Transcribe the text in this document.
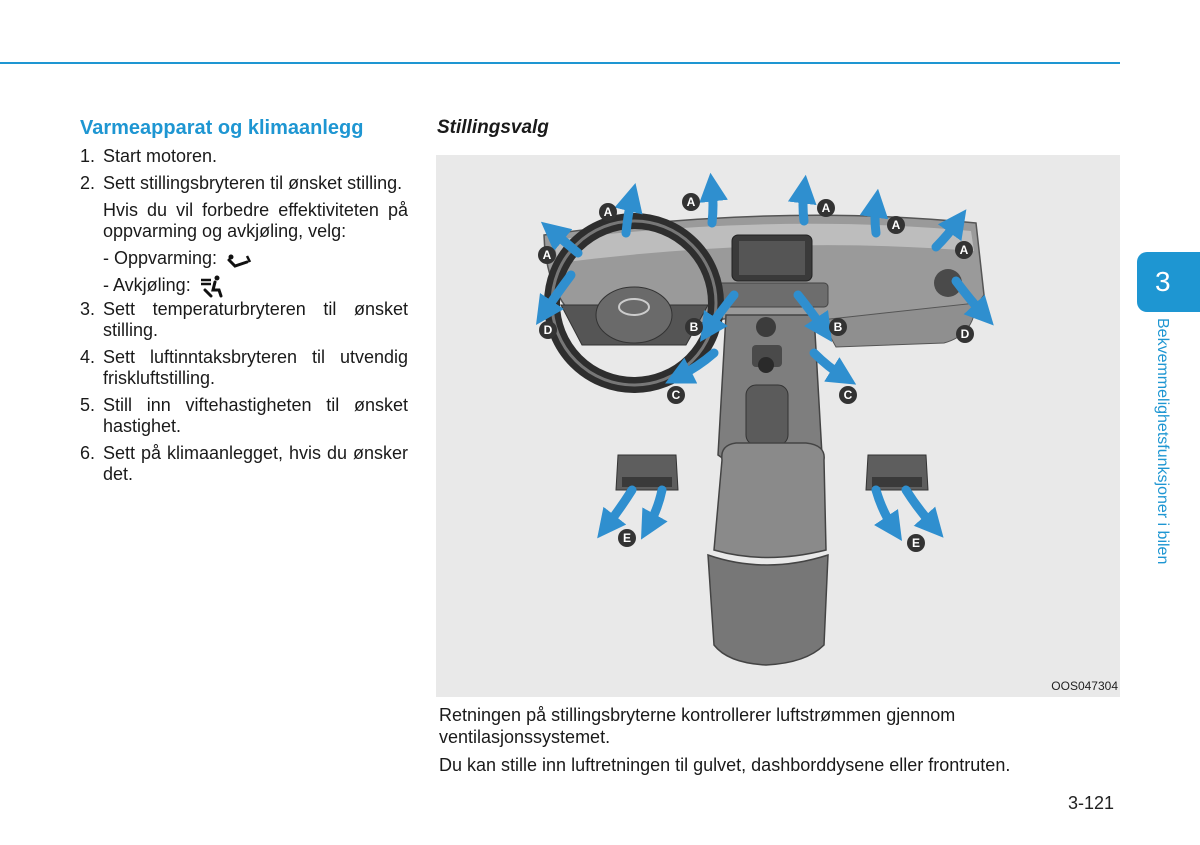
Varmeapparat og klimaanlegg
1. Start motoren.
2. Sett stillingsbryteren til ønsket stilling.
Hvis du vil forbedre effektiviteten på oppvarming og avkjøling, velg:
- Oppvarming:
- Avkjøling:
3. Sett temperaturbryteren til ønsket stilling.
4. Sett luftinntaksbryteren til utvendig friskluftstilling.
5. Still inn viftehastigheten til ønsket hastighet.
6. Sett på klimaanlegget, hvis du ønsker det.
Stillingsvalg
A
A	A
A
A
A
B	B
C	C
D	D
E	E
OOS047304

Retningen på stillingsbryterne kontrollerer luftstrømmen gjennom ventilasjonssystemet.

Du kan stille inn luftretningen til gulvet, dashborddysene eller frontruten.

3
Bekvemmelighetsfunksjoner i bilen
3-121
